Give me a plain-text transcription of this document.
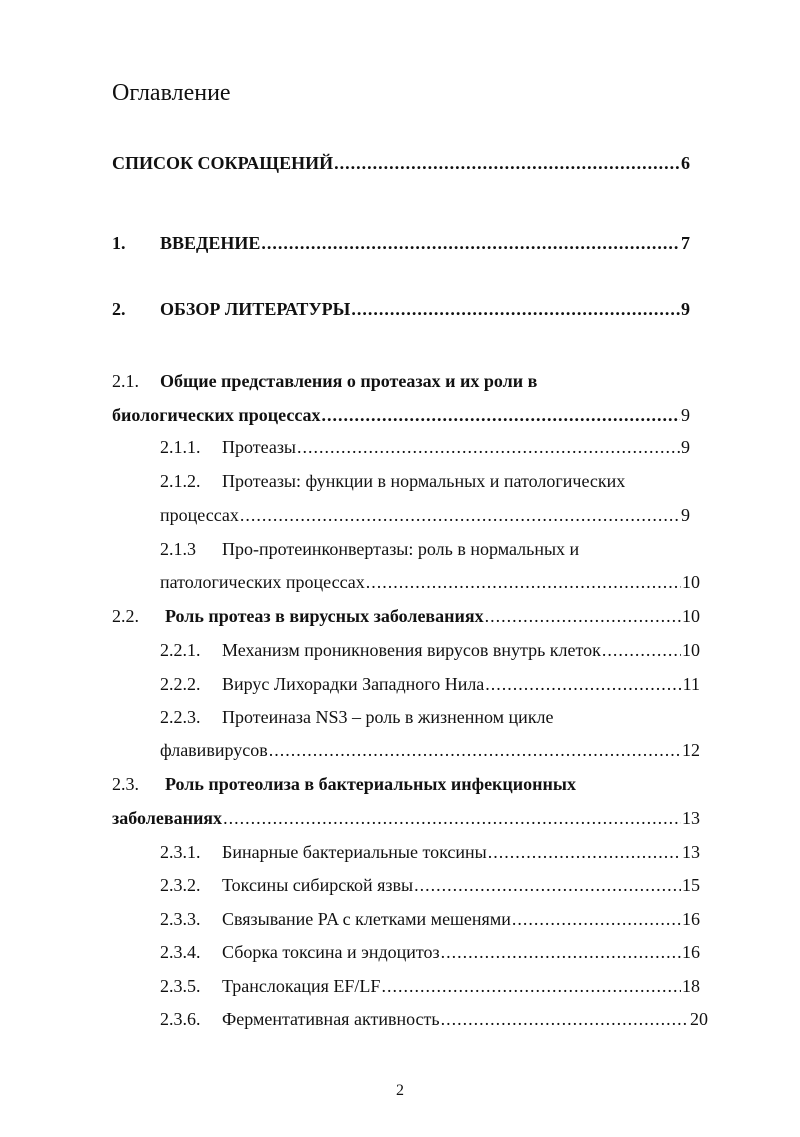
Оглавление
СПИСОК СОКРАЩЕНИЙ .....	6
1. ВВЕДЕНИЕ .....	7
2. ОБЗОР ЛИТЕРАТУРЫ .....	9
2.1. Общие представления о протеазах и их роли в
биологических процессах .....	9
2.1.1. Протеазы .....	9
2.1.2. Протеазы: функции в нормальных и патологических
процессах .....	9
2.1.3 Про-протеинконвертазы: роль в нормальных и
патологических процессах .....	10
2.2. Роль протеаз в вирусных заболеваниях .....	10
2.2.1. Механизм проникновения вирусов внутрь клеток .....	10
2.2.2. Вирус Лихорадки Западного Нила .....	11
2.2.3. Протеиназа NS3 – роль в жизненном цикле
флавивирусов .....	12
2.3. Роль протеолиза в бактериальных инфекционных
заболеваниях .....	13
2.3.1. Бинарные бактериальные токсины .....	13
2.3.2. Токсины сибирской язвы .....	15
2.3.3. Связывание PA с клетками мешенями .....	16
2.3.4. Сборка токсина и эндоцитоз .....	16
2.3.5. Транслокация EF/LF .....	18
2.3.6. Ферментативная активность .....	20
2
